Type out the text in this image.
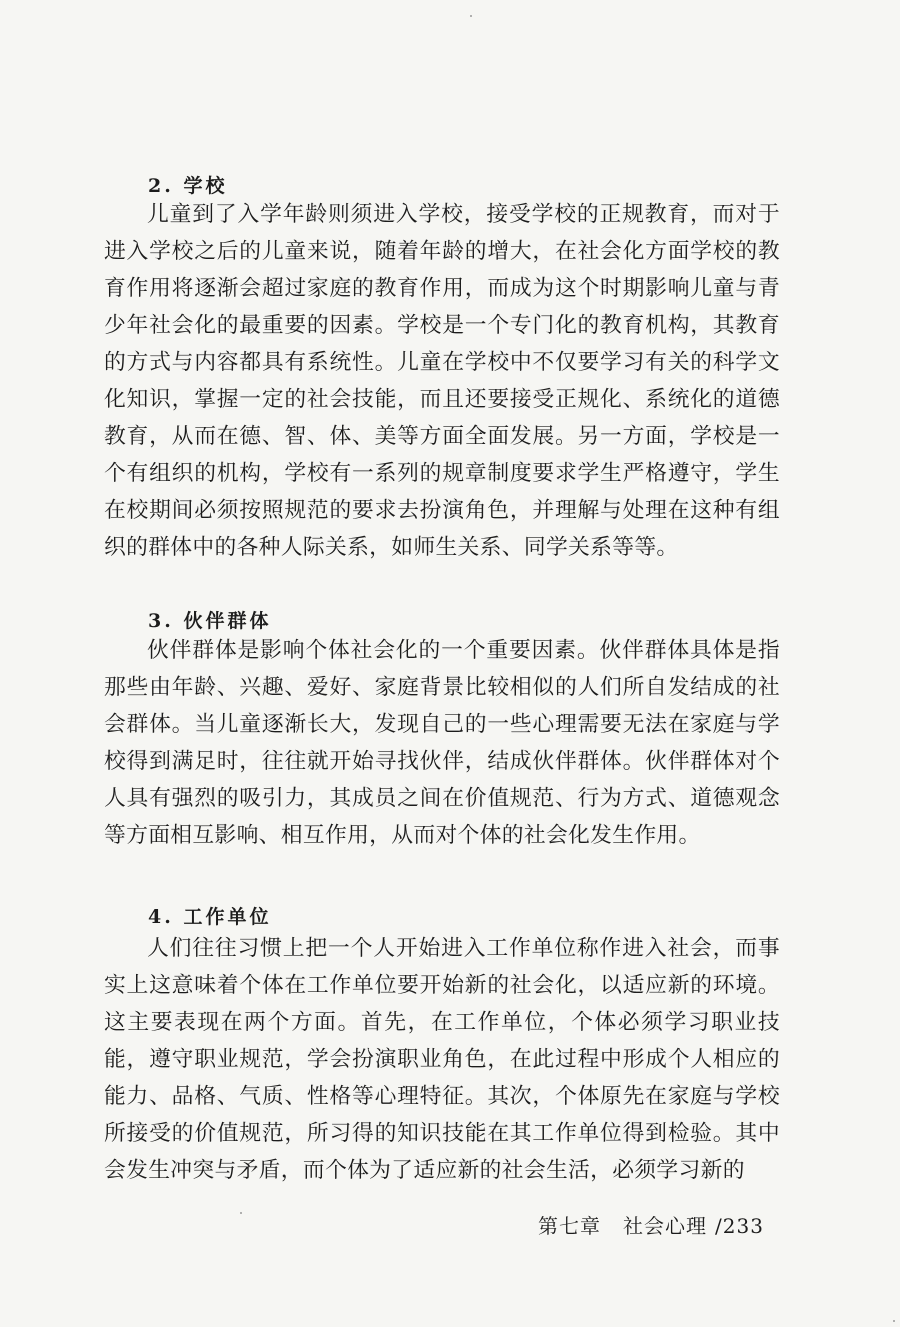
2. 学校

儿童到了入学年龄则须进入学校，接受学校的正规教育，而对于进入学校之后的儿童来说，随着年龄的增大，在社会化方面学校的教育作用将逐渐会超过家庭的教育作用，而成为这个时期影响儿童与青少年社会化的最重要的因素。学校是一个专门化的教育机构，其教育的方式与内容都具有系统性。儿童在学校中不仅要学习有关的科学文化知识，掌握一定的社会技能，而且还要接受正规化、系统化的道德教育，从而在德、智、体、美等方面全面发展。另一方面，学校是一个有组织的机构，学校有一系列的规章制度要求学生严格遵守，学生在校期间必须按照规范的要求去扮演角色，并理解与处理在这种有组织的群体中的各种人际关系，如师生关系、同学关系等等。

3. 伙伴群体

伙伴群体是影响个体社会化的一个重要因素。伙伴群体具体是指那些由年龄、兴趣、爱好、家庭背景比较相似的人们所自发结成的社会群体。当儿童逐渐长大，发现自己的一些心理需要无法在家庭与学校得到满足时，往往就开始寻找伙伴，结成伙伴群体。伙伴群体对个人具有强烈的吸引力，其成员之间在价值规范、行为方式、道德观念等方面相互影响、相互作用，从而对个体的社会化发生作用。

4. 工作单位

人们往往习惯上把一个人开始进入工作单位称作进入社会，而事实上这意味着个体在工作单位要开始新的社会化，以适应新的环境。这主要表现在两个方面。首先，在工作单位，个体必须学习职业技能，遵守职业规范，学会扮演职业角色，在此过程中形成个人相应的能力、品格、气质、性格等心理特征。其次，个体原先在家庭与学校所接受的价值规范，所习得的知识技能在其工作单位得到检验。其中会发生冲突与矛盾，而个体为了适应新的社会生活，必须学习新的

第七章 社会心理 /233
